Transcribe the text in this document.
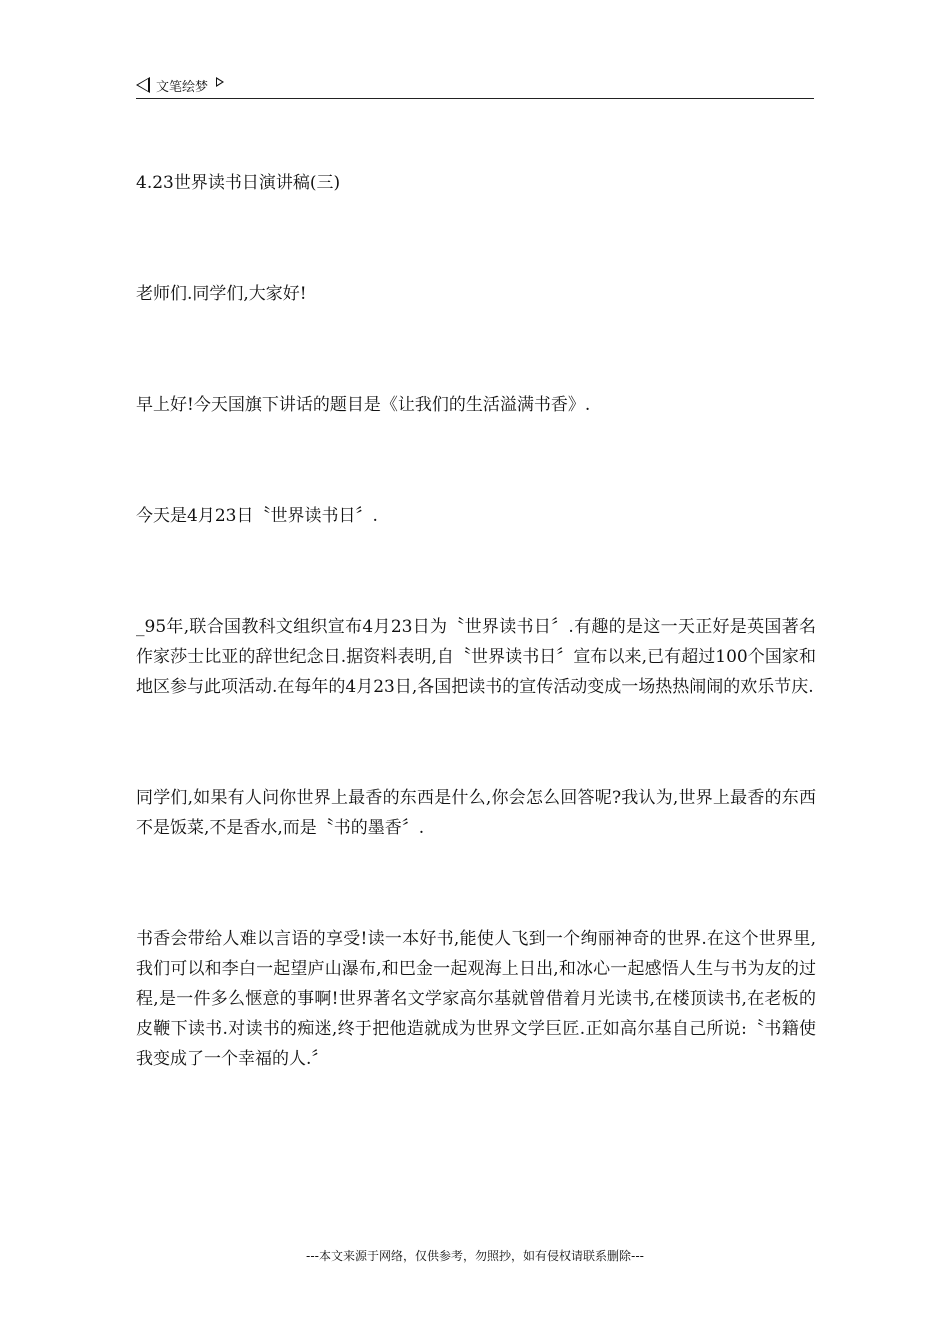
文笔绘梦

4.23世界读书日演讲稿(三)

老师们.同学们,大家好!

早上好!今天国旗下讲话的题目是《让我们的生活溢满书香》.

今天是4月23日〝世界读书日〞.

_95年,联合国教科文组织宣布4月23日为〝世界读书日〞.有趣的是这一天正好是英国著名作家莎士比亚的辞世纪念日.据资料表明,自〝世界读书日〞宣布以来,已有超过100个国家和地区参与此项活动.在每年的4月23日,各国把读书的宣传活动变成一场热热闹闹的欢乐节庆.

同学们,如果有人问你世界上最香的东西是什么,你会怎么回答呢?我认为,世界上最香的东西不是饭菜,不是香水,而是〝书的墨香〞.

书香会带给人难以言语的享受!读一本好书,能使人飞到一个绚丽神奇的世界.在这个世界里,我们可以和李白一起望庐山瀑布,和巴金一起观海上日出,和冰心一起感悟人生与书为友的过程,是一件多么惬意的事啊!世界著名文学家高尔基就曾借着月光读书,在楼顶读书,在老板的皮鞭下读书.对读书的痴迷,终于把他造就成为世界文学巨匠.正如高尔基自己所说:〝书籍使我变成了一个幸福的人.〞

---本文来源于网络，仅供参考，勿照抄，如有侵权请联系删除---
